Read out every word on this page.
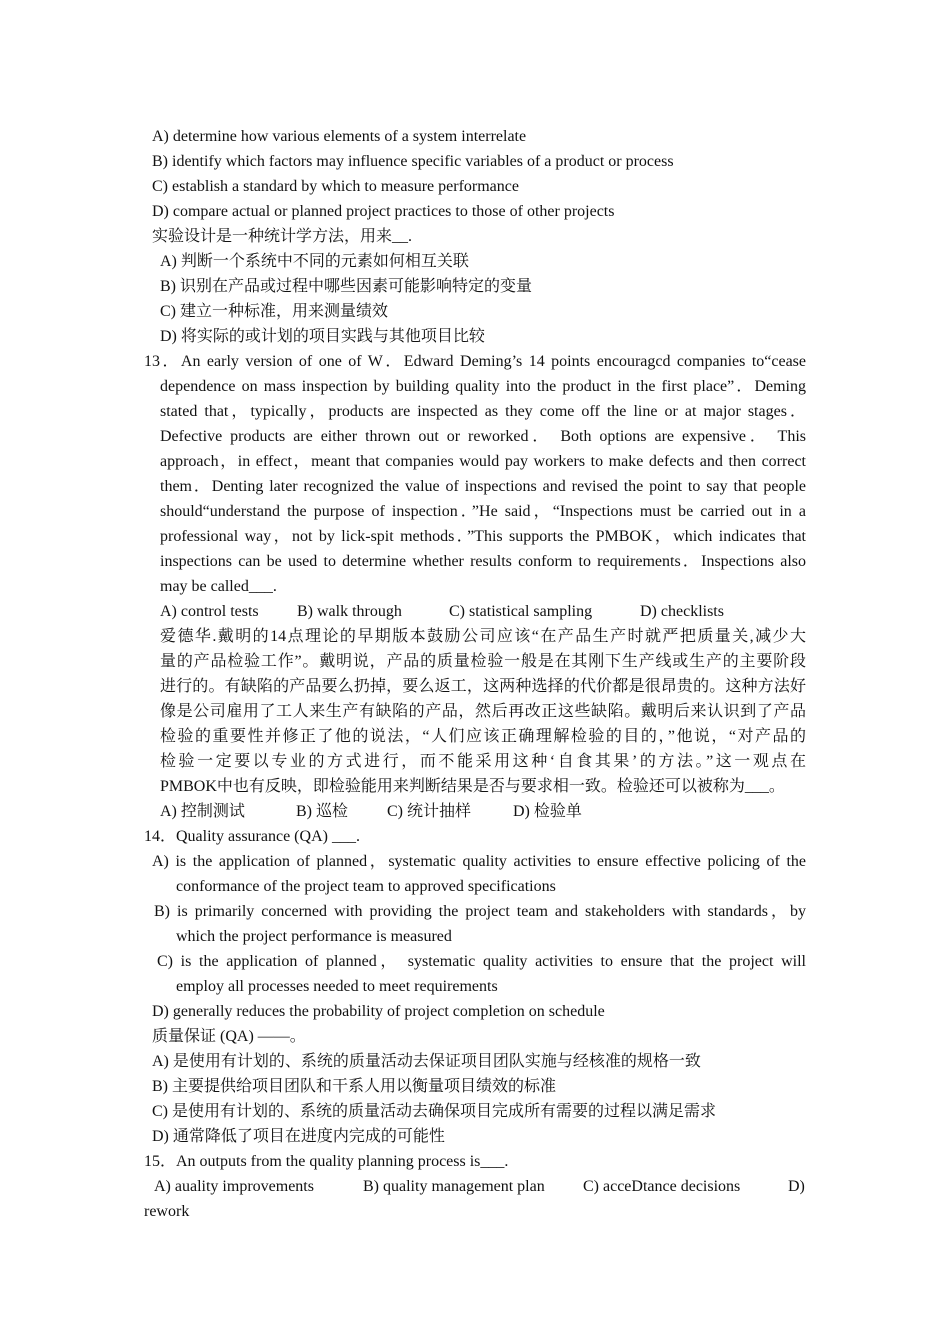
A) determine how various elements of a system interrelate
B) identify which factors may influence specific variables of a product or process
C) establish a standard by which to measure performance
D) compare actual or planned project practices to those of other projects
实验设计是一种统计学方法，用来__.
A) 判断一个系统中不同的元素如何相互关联
B) 识别在产品或过程中哪些因素可能影响特定的变量
C) 建立一种标准，用来测量绩效
D) 将实际的或计划的项目实践与其他项目比较
13．An early version of one of W．Edward Deming’s 14 points encouragcd companies to“cease
dependence on mass inspection by building quality into the product in the first place”．Deming
stated that，typically，products are inspected as they come off the line or at major stages．
Defective products are either thrown out or reworked． Both options are expensive． This
approach，in effect，meant that companies would pay workers to make defects and then correct
them．Denting later recognized the value of inspections and revised the point to say that people
should“understand the purpose of inspection．”He said，“Inspections must be carried out in a
professional way，not by lick-spit methods．”This supports the PMBOK，which indicates that
inspections can be used to determine whether results conform to requirements．Inspections also
may be called___.
A) control tests B) walk through	C) statistical sampling	D) checklists
爱德华.戴明的14点理论的早期版本鼓励公司应该“在产品生产时就严把质量关,减少大
量的产品检验工作”。戴明说，产品的质量检验一般是在其刚下生产线或生产的主要阶段
进行的。有缺陷的产品要么扔掉，要么返工，这两种选择的代价都是很昂贵的。这种方法好
像是公司雇用了工人来生产有缺陷的产品，然后再改正这些缺陷。戴明后来认识到了产品
检验的重要性并修正了他的说法，“人们应该正确理解检验的目的，”他说，“对产品的
检验一定要以专业的方式进行，而不能采用这种‘自食其果’的方法。”这一观点在
PMBOK中也有反映，即检验能用来判断结果是否与要求相一致。检验还可以被称为___。
A) 控制测试	B) 巡检 C) 统计抽样	D) 检验单
14．Quality assurance (QA) ___.
A) is the application of planned，systematic quality activities to ensure effective policing of the
conformance of the project team to approved specifications
B) is primarily concerned with providing the project team and stakeholders with standards，by
which the project performance is measured
C) is the application of planned， systematic quality activities to ensure that the project will
employ all processes needed to meet requirements
D) generally reduces the probability of project completion on schedule
质量保证 (QA) ——。
A) 是使用有计划的、系统的质量活动去保证项目团队实施与经核准的规格一致
B) 主要提供给项目团队和干系人用以衡量项目绩效的标准
C) 是使用有计划的、系统的质量活动去确保项目完成所有需要的过程以满足需求
D) 通常降低了项目在进度内完成的可能性
15．An outputs from the quality planning process is___.
A) auality improvements	B) quality management plan C) acceDtance decisions	D)
rework
